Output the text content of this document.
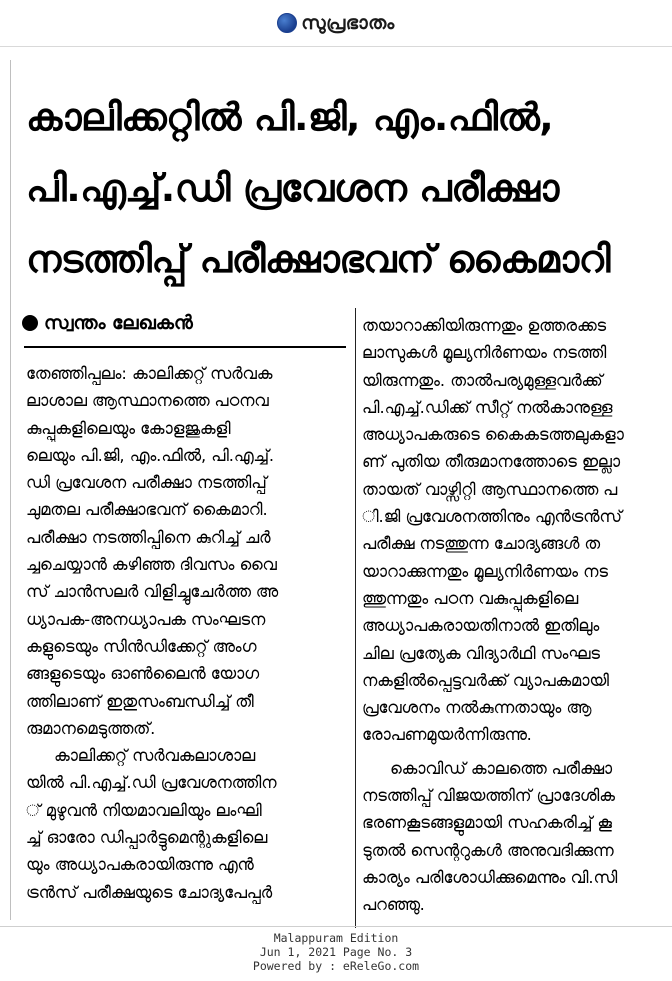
സുപ്രഭാതം
കാലിക്കറ്റിൽ പി.ജി, എം.ഫിൽ,
പി.എച്ച്.ഡി പ്രവേശന പരീക്ഷാ
നടത്തിപ്പ് പരീക്ഷാഭവന് കൈമാറി
സ്വന്തം ലേഖകൻ
തേഞ്ഞിപ്പലം: കാലിക്കറ്റ് സർവക
ലാശാല ആസ്ഥാനത്തെ പഠനവ
കുപ്പുകളിലെയും കോളജുകളി
ലെയും പി.ജി, എം.ഫിൽ, പി.എച്ച്.
ഡി പ്രവേശന പരീക്ഷാ നടത്തിപ്പ്
ചുമതല പരീക്ഷാഭവന് കൈമാറി.
പരീക്ഷാ നടത്തിപ്പിനെ കുറിച്ച് ചർ
ച്ചചെയ്യാൻ കഴിഞ്ഞ ദിവസം വൈ
സ് ചാൻസലർ വിളിച്ചുചേർത്ത അ
ധ്യാപക-അനധ്യാപക സംഘടന
കളുടെയും സിൻഡിക്കേറ്റ് അംഗ
ങ്ങളുടെയും ഓൺലൈൻ യോഗ
ത്തിലാണ് ഇതുസംബന്ധിച്ച് തീ
രുമാനമെടുത്തത്.
കാലിക്കറ്റ് സർവകലാശാല
യിൽ പി.എച്ച്.ഡി പ്രവേശനത്തിന
് മുഴുവൻ നിയമാവലിയും ലംഘി
ച്ച് ഓരോ ഡിപ്പാർട്ടുമെന്റുകളിലെ
യും അധ്യാപകരായിരുന്നു എൻ
ട്രൻസ് പരീക്ഷയുടെ ചോദ്യപേപ്പർ
തയാറാക്കിയിരുന്നതും ഉത്തരക്കട
ലാസുകൾ മൂല്യനിർണയം നടത്തി
യിരുന്നതും. താൽപര്യമുള്ളവർക്ക്
പി.എച്ച്.ഡിക്ക് സീറ്റ് നൽകാനുള്ള
അധ്യാപകരുടെ കൈകടത്തലുകളാ
ണ് പുതിയ തീരുമാനത്തോടെ ഇല്ലാ
തായത് വാഴ്സിറ്റി ആസ്ഥാനത്തെ പ
ി.ജി പ്രവേശനത്തിനും എൻട്രൻസ്
പരീക്ഷ നടത്തുന്ന ചോദ്യങ്ങൾ ത
യാറാക്കുന്നതും മൂല്യനിർണയം നട
ത്തുന്നതും പഠന വകുപ്പുകളിലെ
അധ്യാപകരായതിനാൽ ഇതിലും
ചില പ്രത്യേക വിദ്യാർഥി സംഘട
നകളിൽപ്പെട്ടവർക്ക് വ്യാപകമായി
പ്രവേശനം നൽകുന്നതായും ആ
രോപണമുയർന്നിരുന്നു.
കൊവിഡ് കാലത്തെ പരീക്ഷാ
നടത്തിപ്പ് വിജയത്തിന് പ്രാദേശിക
ഭരണകൂടങ്ങളുമായി സഹകരിച്ച് കൂ
ടുതൽ സെന്ററുകൾ അനുവദിക്കുന്ന
കാര്യം പരിശോധിക്കുമെന്നും വി.സി
പറഞ്ഞു.
Malappuram Edition
Jun 1, 2021 Page No. 3
Powered by : eReleGo.com
